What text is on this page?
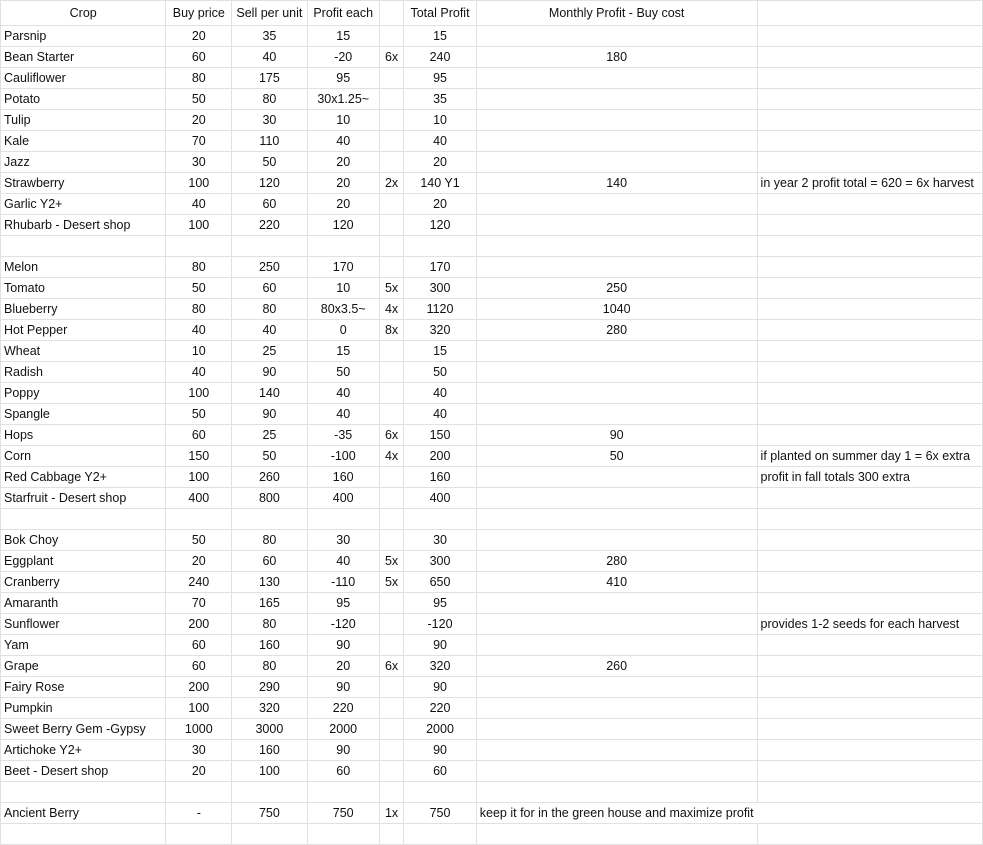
Crop	Buy price	Sell per unit	Profit each		Total Profit	Monthly Profit - Buy cost	
Parsnip	20	35	15		15		
Bean Starter	60	40	-20	6x	240	180	
Cauliflower	80	175	95		95		
Potato	50	80	30x1.25~		35		
Tulip	20	30	10		10		
Kale	70	110	40		40		
Jazz	30	50	20		20		
Strawberry	100	120	20	2x	140 Y1	140	in year 2 profit total = 620 = 6x harvest
Garlic Y2+	40	60	20		20		
Rhubarb - Desert shop	100	220	120		120		

Melon	80	250	170		170		
Tomato	50	60	10	5x	300	250	
Blueberry	80	80	80x3.5~	4x	1120	1040	
Hot Pepper	40	40	0	8x	320	280	
Wheat	10	25	15		15		
Radish	40	90	50		50		
Poppy	100	140	40		40		
Spangle	50	90	40		40		
Hops	60	25	-35	6x	150	90	
Corn	150	50	-100	4x	200	50	if planted on summer day 1 = 6x extra
Red Cabbage Y2+	100	260	160		160		profit in fall totals 300 extra
Starfruit - Desert shop	400	800	400		400		

Bok Choy	50	80	30		30		
Eggplant	20	60	40	5x	300	280	
Cranberry	240	130	-110	5x	650	410	
Amaranth	70	165	95		95		
Sunflower	200	80	-120		-120		provides 1-2 seeds for each harvest
Yam	60	160	90		90		
Grape	60	80	20	6x	320	260	
Fairy Rose	200	290	90		90		
Pumpkin	100	320	220		220		
Sweet Berry Gem -Gypsy	1000	3000	2000		2000		
Artichoke Y2+	30	160	90		90		
Beet - Desert shop	20	100	60		60		

Ancient Berry	-	750	750	1x	750	keep it for in the green house and maximize profit	
